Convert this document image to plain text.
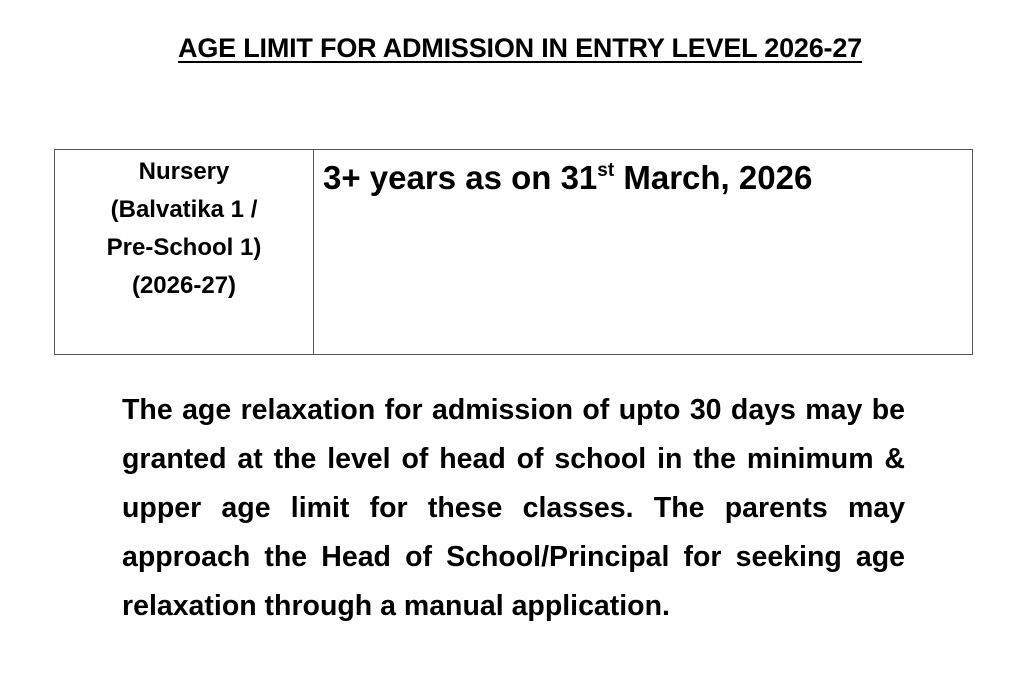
AGE LIMIT FOR ADMISSION IN ENTRY LEVEL 2026-27
Nursery
(Balvatika 1 /
Pre-School 1)
(2026-27)
	3+ years as on 31st March, 2026

The age relaxation for admission of upto 30 days may be granted at the level of head of school in the minimum & upper age limit for these classes. The parents may approach the Head of School/Principal for seeking age relaxation through a manual application.
